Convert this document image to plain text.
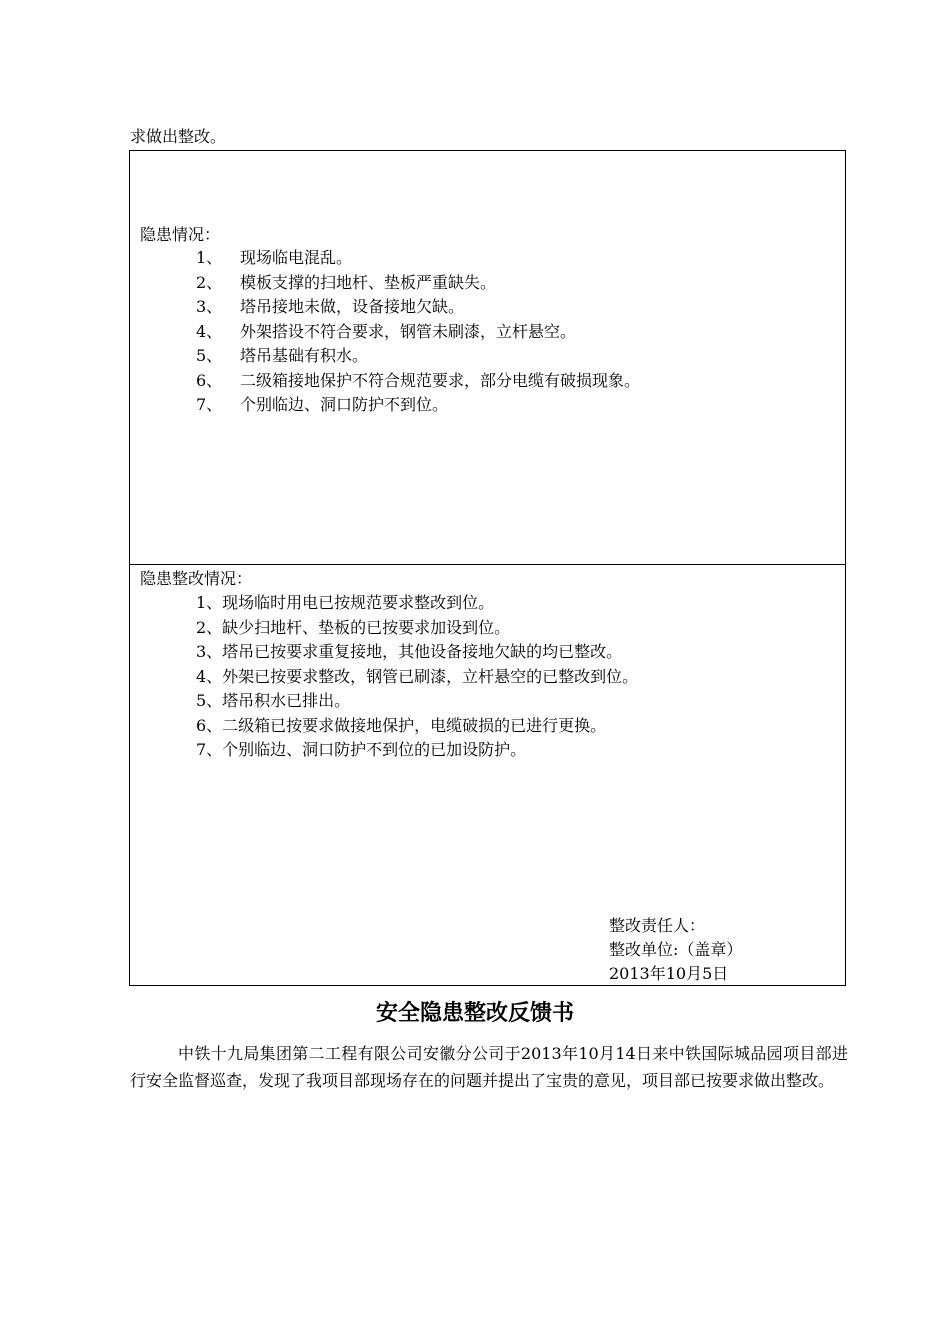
求做出整改。
隐患情况：
1、 现场临电混乱。
2、 模板支撑的扫地杆、垫板严重缺失。
3、 塔吊接地未做，设备接地欠缺。
4、 外架搭设不符合要求，钢管未刷漆，立杆悬空。
5、 塔吊基础有积水。
6、 二级箱接地保护不符合规范要求，部分电缆有破损现象。
7、 个别临边、洞口防护不到位。
隐患整改情况：
1、现场临时用电已按规范要求整改到位。
2、缺少扫地杆、垫板的已按要求加设到位。
3、塔吊已按要求重复接地，其他设备接地欠缺的均已整改。
4、外架已按要求整改，钢管已刷漆，立杆悬空的已整改到位。
5、塔吊积水已排出。
6、二级箱已按要求做接地保护，电缆破损的已进行更换。
7、个别临边、洞口防护不到位的已加设防护。
整改责任人：
整改单位:（盖章）
2013年10月5日
安全隐患整改反馈书

中铁十九局集团第二工程有限公司安徽分公司于2013年10月14日来中铁国际城品园项目部进行安全监督巡查，发现了我项目部现场存在的问题并提出了宝贵的意见，项目部已按要求做出整改。
